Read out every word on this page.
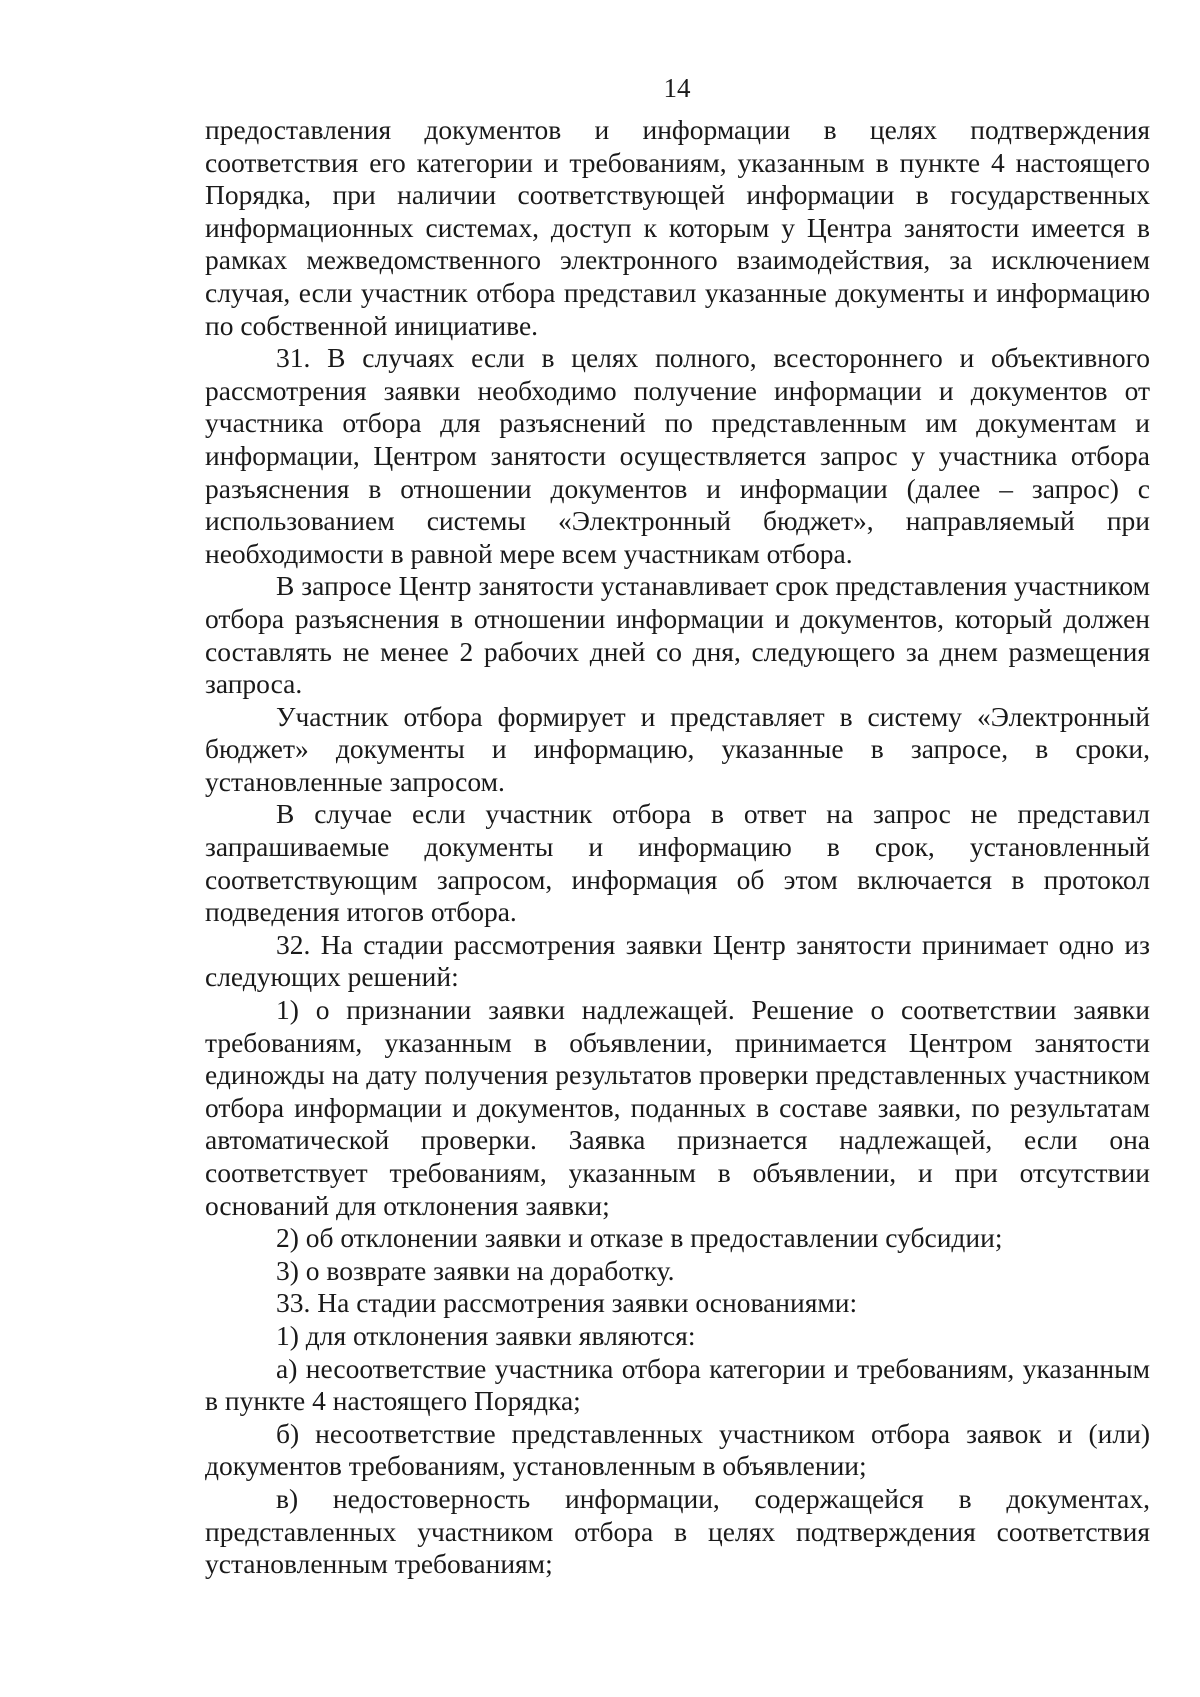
14

предоставления документов и информации в целях подтверждения соответствия его категории и требованиям, указанным в пункте 4 настоящего Порядка, при наличии соответствующей информации в государственных информационных системах, доступ к которым у Центра занятости имеется в рамках межведомственного электронного взаимодействия, за исключением случая, если участник отбора представил указанные документы и информацию по собственной инициативе.

31. В случаях если в целях полного, всестороннего и объективного рассмотрения заявки необходимо получение информации и документов от участника отбора для разъяснений по представленным им документам и информации, Центром занятости осуществляется запрос у участника отбора разъяснения в отношении документов и информации (далее – запрос) с использованием системы «Электронный бюджет», направляемый при необходимости в равной мере всем участникам отбора.

В запросе Центр занятости устанавливает срок представления участником отбора разъяснения в отношении информации и документов, который должен составлять не менее 2 рабочих дней со дня, следующего за днем размещения запроса.

Участник отбора формирует и представляет в систему «Электронный бюджет» документы и информацию, указанные в запросе, в сроки, установленные запросом.

В случае если участник отбора в ответ на запрос не представил запрашиваемые документы и информацию в срок, установленный соответствующим запросом, информация об этом включается в протокол подведения итогов отбора.

32. На стадии рассмотрения заявки Центр занятости принимает одно из следующих решений:

1) о признании заявки надлежащей. Решение о соответствии заявки требованиям, указанным в объявлении, принимается Центром занятости единожды на дату получения результатов проверки представленных участником отбора информации и документов, поданных в составе заявки, по результатам автоматической проверки. Заявка признается надлежащей, если она соответствует требованиям, указанным в объявлении, и при отсутствии оснований для отклонения заявки;

2) об отклонении заявки и отказе в предоставлении субсидии;

3) о возврате заявки на доработку.

33. На стадии рассмотрения заявки основаниями:

1) для отклонения заявки являются:

а) несоответствие участника отбора категории и требованиям, указанным в пункте 4 настоящего Порядка;

б) несоответствие представленных участником отбора заявок и (или) документов требованиям, установленным в объявлении;

в) недостоверность информации, содержащейся в документах, представленных участником отбора в целях подтверждения соответствия установленным требованиям;
